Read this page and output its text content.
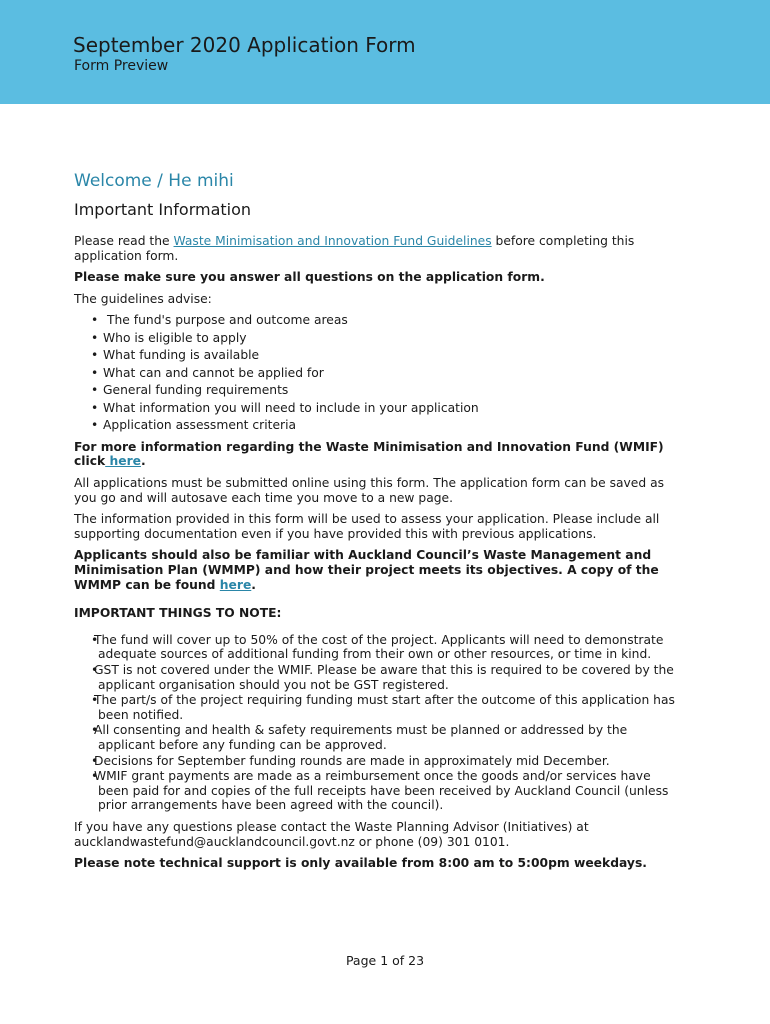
September 2020 Application Form
Form Preview
Welcome / He mihi
Important Information

Please read the Waste Minimisation and Innovation Fund Guidelines before completing this application form.

Please make sure you answer all questions on the application form.

The guidelines advise:

• The fund's purpose and outcome areas
• Who is eligible to apply
• What funding is available
• What can and cannot be applied for
• General funding requirements
• What information you will need to include in your application
• Application assessment criteria

For more information regarding the Waste Minimisation and Innovation Fund (WMIF) click here.

All applications must be submitted online using this form. The application form can be saved as you go and will autosave each time you move to a new page.

The information provided in this form will be used to assess your application. Please include all supporting documentation even if you have provided this with previous applications.

Applicants should also be familiar with Auckland Council’s Waste Management and Minimisation Plan (WMMP) and how their project meets its objectives. A copy of the WMMP can be found here.

IMPORTANT THINGS TO NOTE:

• The fund will cover up to 50% of the cost of the project. Applicants will need to demonstrate adequate sources of additional funding from their own or other resources, or time in kind.
• GST is not covered under the WMIF. Please be aware that this is required to be covered by the applicant organisation should you not be GST registered.
• The part/s of the project requiring funding must start after the outcome of this application has been notified.
• All consenting and health & safety requirements must be planned or addressed by the applicant before any funding can be approved.
• Decisions for September funding rounds are made in approximately mid December.
• WMIF grant payments are made as a reimbursement once the goods and/or services have been paid for and copies of the full receipts have been received by Auckland Council (unless prior arrangements have been agreed with the council).

If you have any questions please contact the Waste Planning Advisor (Initiatives) at aucklandwastefund@aucklandcouncil.govt.nz or phone (09) 301 0101.

Please note technical support is only available from 8:00 am to 5:00pm weekdays.

Page 1 of 23
